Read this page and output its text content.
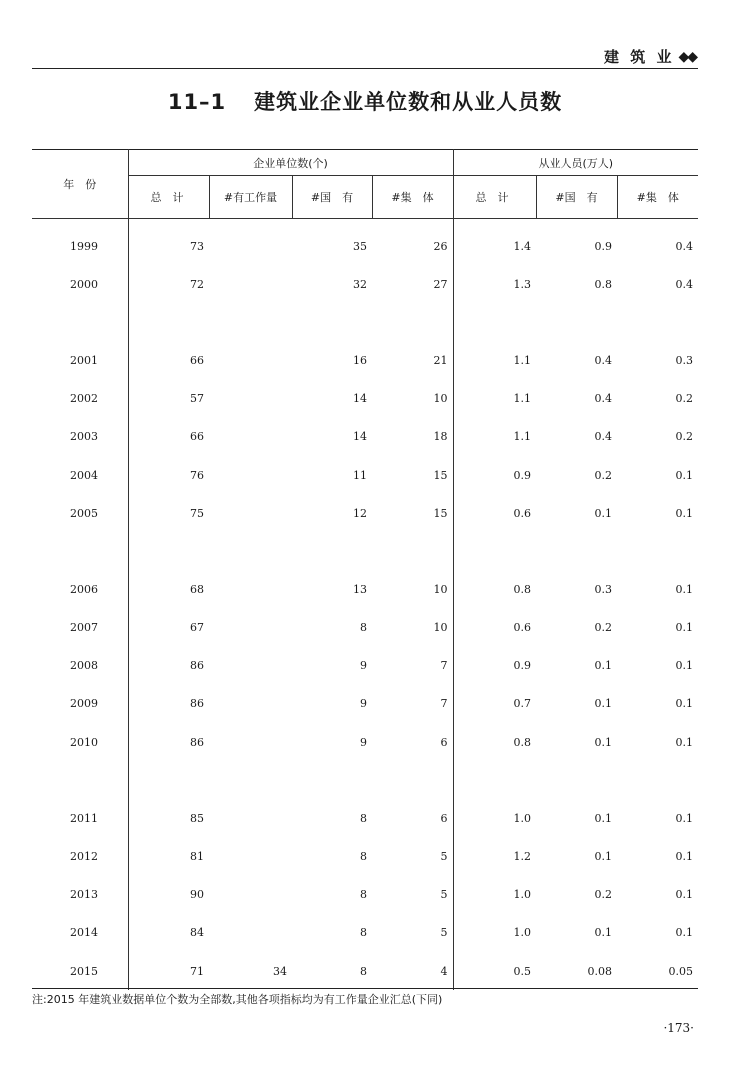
建 筑 业 ◆◆
11–1 建筑业企业单位数和从业人员数
年　份	企业单位数(个)				从业人员(万人)		
	总　计	#有工作量	#国　有	#集　体	总　计	#国　有	#集　体
1999	73		35	26	1.4	0.9	0.4
2000	72		32	27	1.3	0.8	0.4

2001	66		16	21	1.1	0.4	0.3
2002	57		14	10	1.1	0.4	0.2
2003	66		14	18	1.1	0.4	0.2
2004	76		11	15	0.9	0.2	0.1
2005	75		12	15	0.6	0.1	0.1

2006	68		13	10	0.8	0.3	0.1
2007	67		8	10	0.6	0.2	0.1
2008	86		9	7	0.9	0.1	0.1
2009	86		9	7	0.7	0.1	0.1
2010	86		9	6	0.8	0.1	0.1

2011	85		8	6	1.0	0.1	0.1
2012	81		8	5	1.2	0.1	0.1
2013	90		8	5	1.0	0.2	0.1
2014	84		8	5	1.0	0.1	0.1
2015	71	34	8	4	0.5	0.08	0.05
注:2015 年建筑业数据单位个数为全部数,其他各项指标均为有工作量企业汇总(下同)
·173·
